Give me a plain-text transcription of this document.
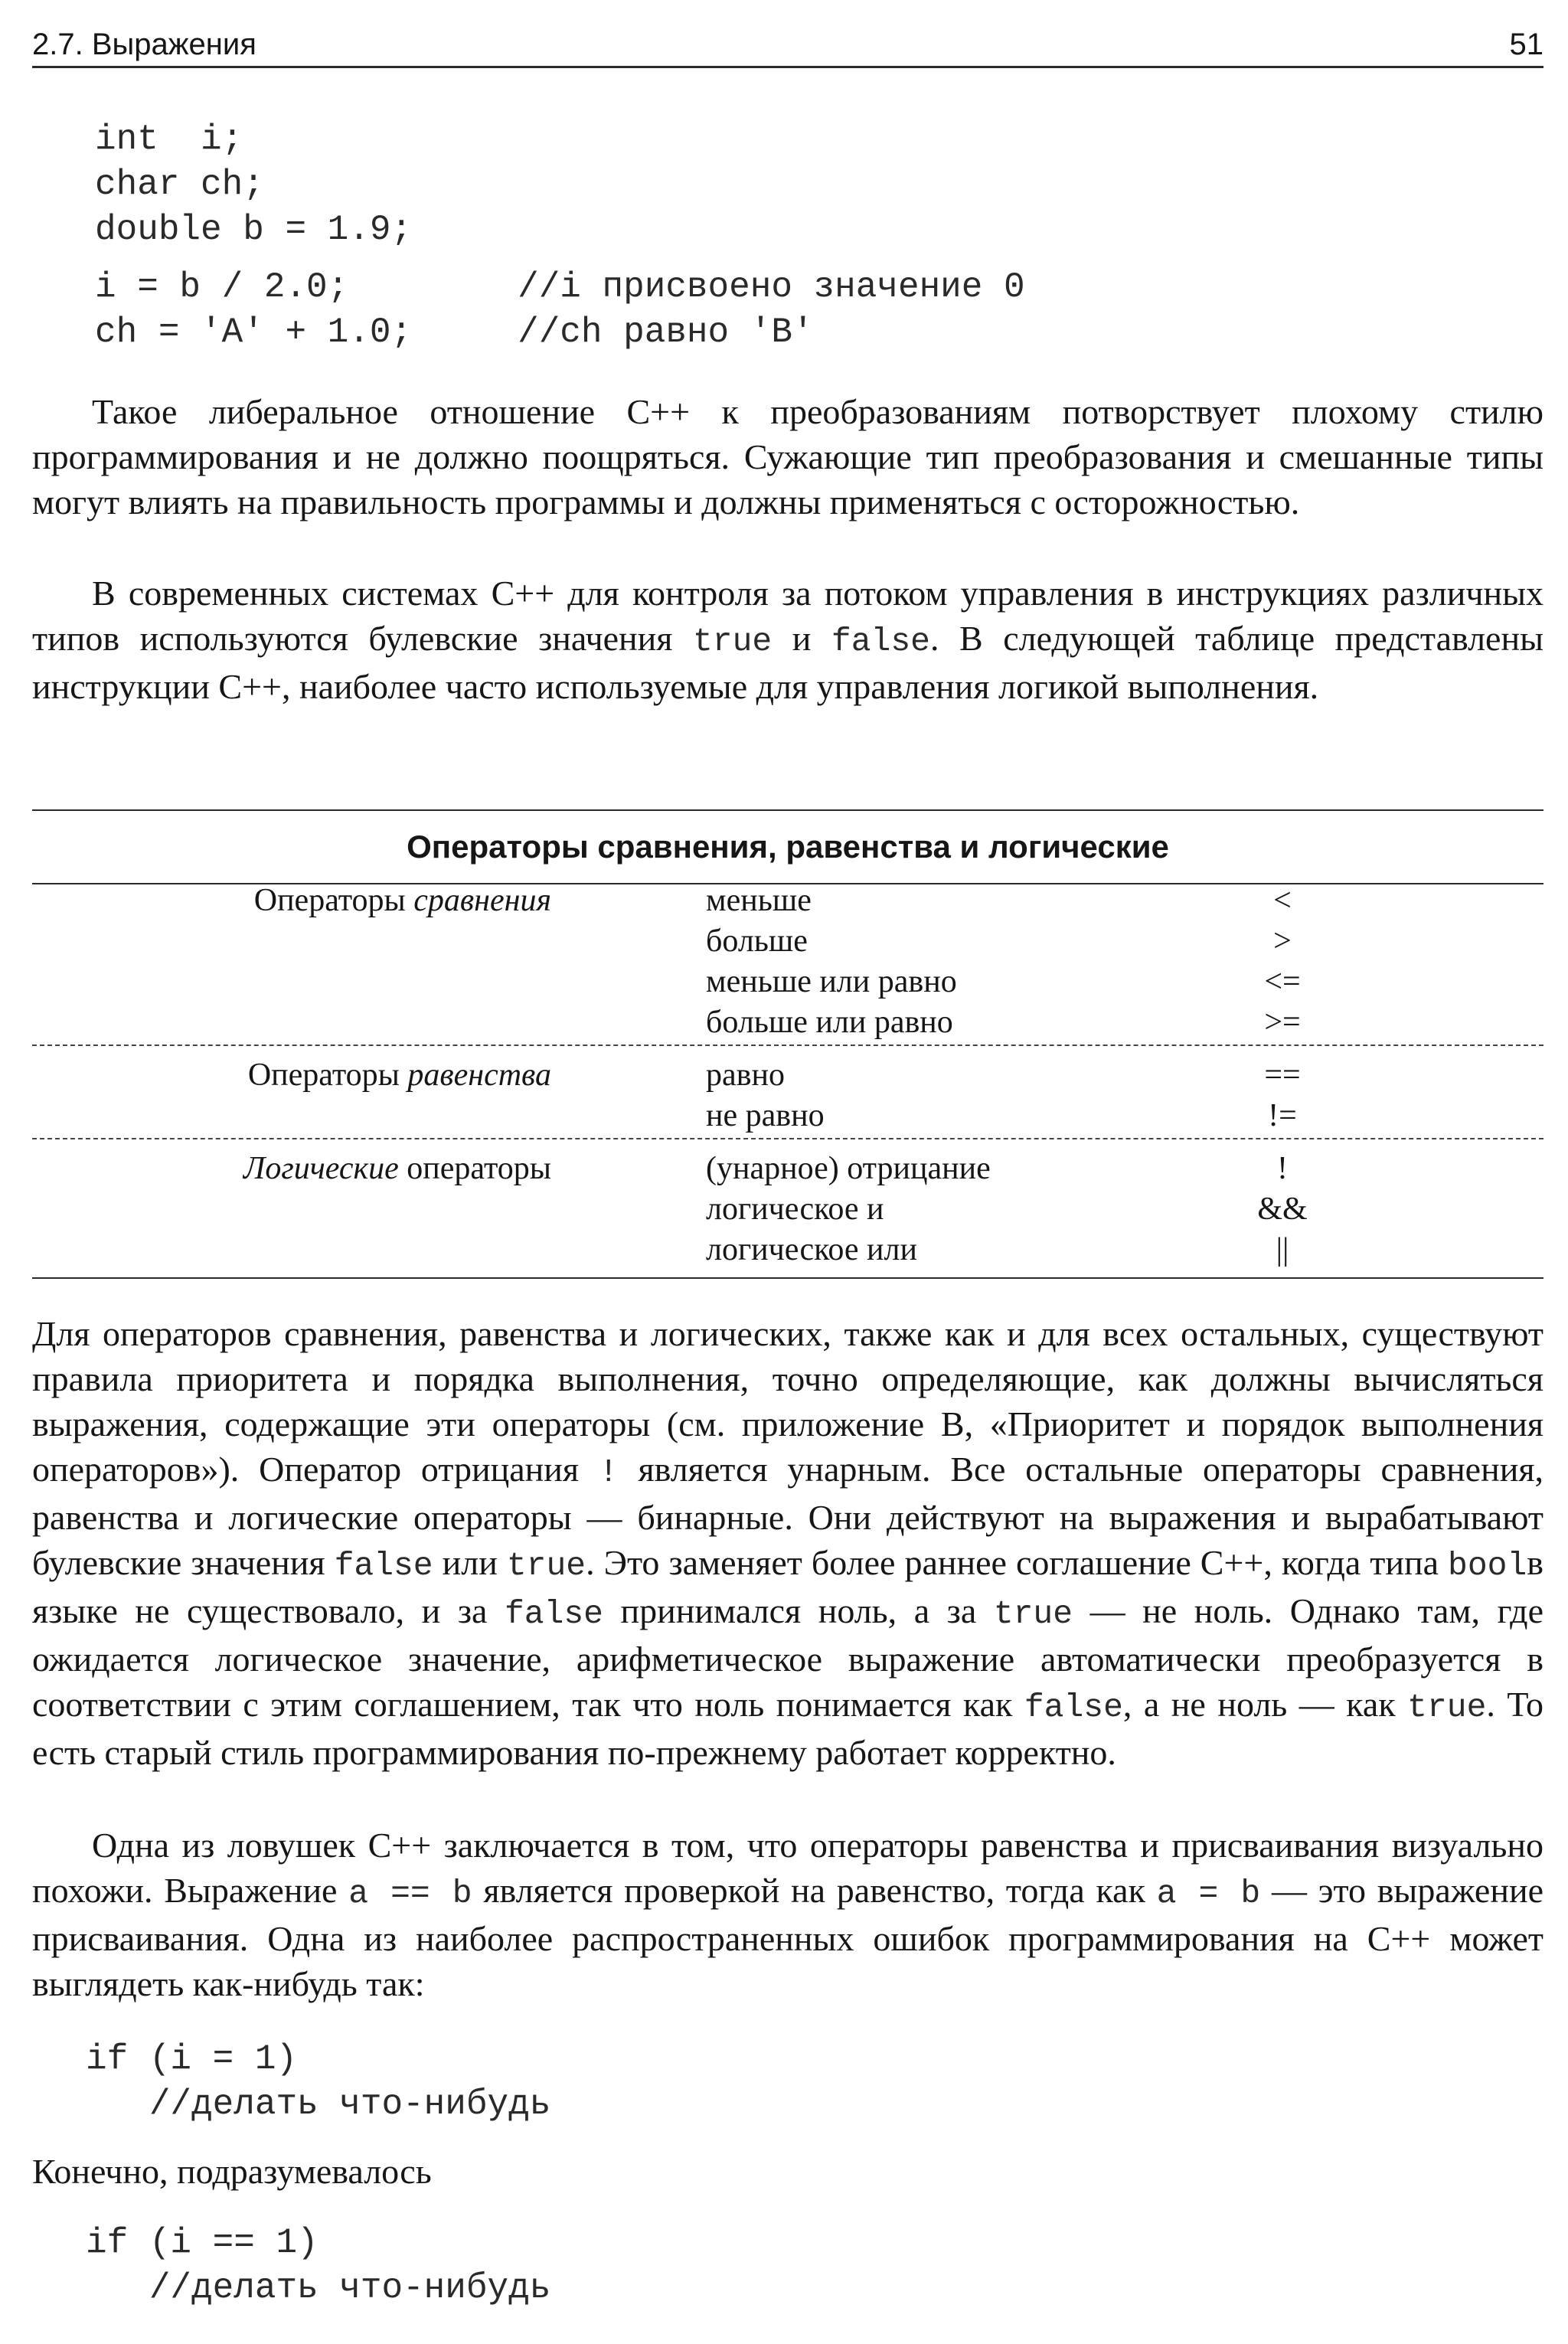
2.7. Выражения	51
int  i;
char ch;
double b = 1.9;
i = b / 2.0;        //i присвоено значение 0
ch = 'A' + 1.0;     //ch равно 'B'

Такое либеральное отношение C++ к преобразованиям потворствует плохому стилю программирования и не должно поощряться. Сужающие тип преобразования и смешанные типы могут влиять на правильность программы и должны применяться с осторожностью.

В современных системах C++ для контроля за потоком управления в инструкциях различных типов используются булевские значения true и false. В следующей таблице представлены инструкции C++, наиболее часто используемые для управления логикой выполнения.

Операторы сравнения, равенства и логические
Операторы сравнения	меньше	<
больше	>
меньше или равно	<=
больше или равно	>=
Операторы равенства	равно	==
не равно	!=
Логические операторы	(унарное) отрицание	!
логическое и	&&
логическое или	||

Для операторов сравнения, равенства и логических, также как и для всех остальных, существуют правила приоритета и порядка выполнения, точно определяющие, как должны вычисляться выражения, содержащие эти операторы (см. приложение B, «Приоритет и порядок выполнения операторов»). Оператор отрицания ! является унарным. Все остальные операторы сравнения, равенства и логические операторы — бинарные. Они действуют на выражения и вырабатывают булевские значения false или true. Это заменяет более раннее соглашение C++, когда типа boolв языке не существовало, и за false принимался ноль, а за true — не ноль. Однако там, где ожидается логическое значение, арифметическое выражение автоматически преобразуется в соответствии с этим соглашением, так что ноль понимается как false, а не ноль — как true. То есть старый стиль программирования по-прежнему работает корректно.

Одна из ловушек C++ заключается в том, что операторы равенства и присваивания визуально похожи. Выражение a == b является проверкой на равенство, тогда как a = b — это выражение присваивания. Одна из наиболее распространенных ошибок программирования на C++ может выглядеть как-нибудь так:

if (i = 1)
//делать что-нибудь

Конечно, подразумевалось

if (i == 1)
//делать что-нибудь
